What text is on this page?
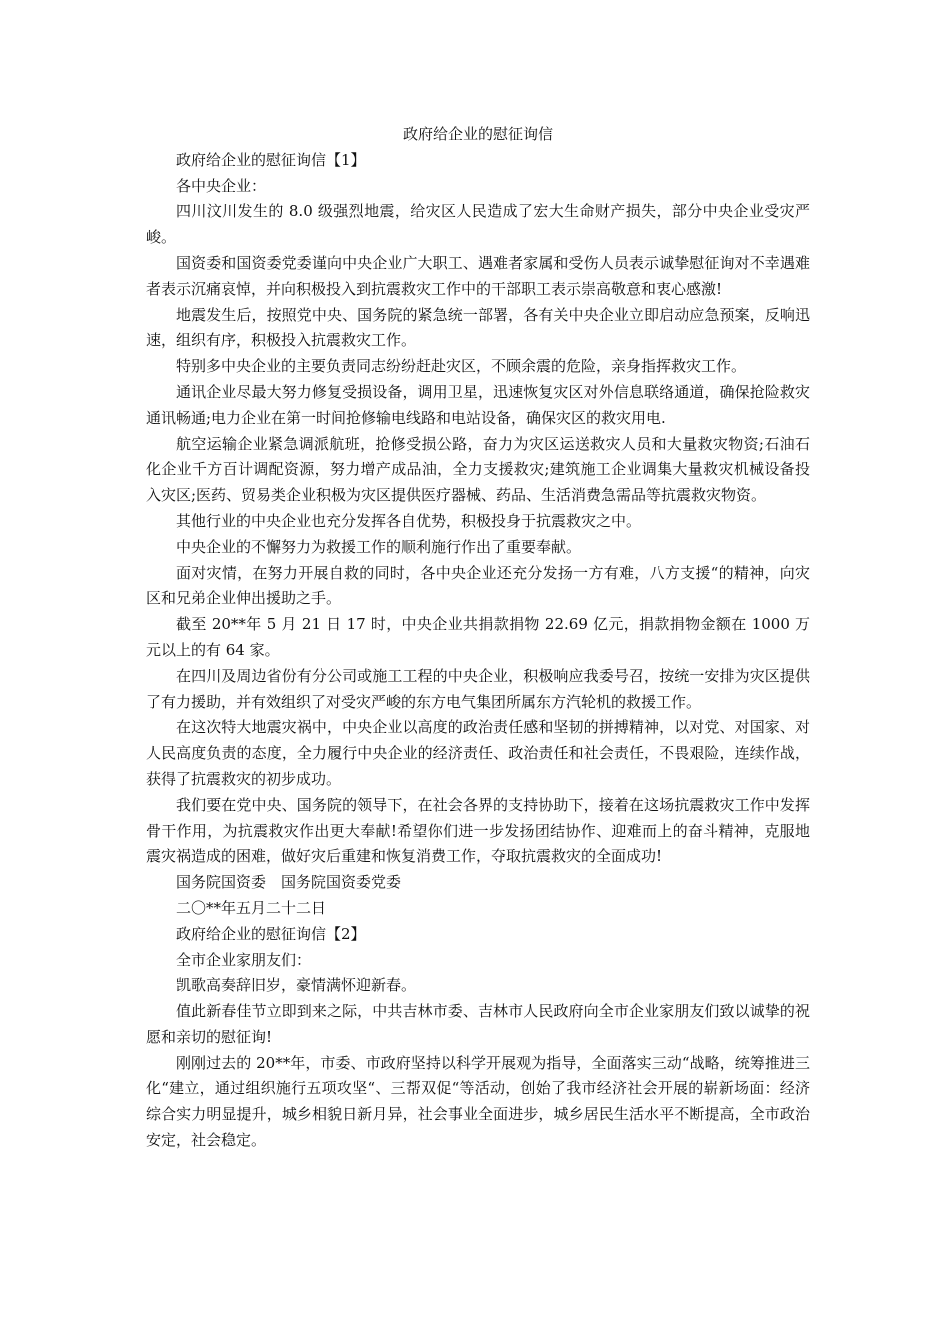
政府给企业的慰征询信

政府给企业的慰征询信【1】

各中央企业：

四川汶川发生的 8.0 级强烈地震，给灾区人民造成了宏大生命财产损失，部分中央企业受灾严峻。

国资委和国资委党委谨向中央企业广大职工、遇难者家属和受伤人员表示诚挚慰征询对不幸遇难者表示沉痛哀悼，并向积极投入到抗震救灾工作中的干部职工表示崇高敬意和衷心感激!

地震发生后，按照党中央、国务院的紧急统一部署，各有关中央企业立即启动应急预案，反响迅速，组织有序，积极投入抗震救灾工作。

特别多中央企业的主要负责同志纷纷赶赴灾区，不顾余震的危险，亲身指挥救灾工作。

通讯企业尽最大努力修复受损设备，调用卫星，迅速恢复灾区对外信息联络通道，确保抢险救灾通讯畅通;电力企业在第一时间抢修输电线路和电站设备，确保灾区的救灾用电.

航空运输企业紧急调派航班，抢修受损公路，奋力为灾区运送救灾人员和大量救灾物资;石油石化企业千方百计调配资源，努力增产成品油，全力支援救灾;建筑施工企业调集大量救灾机械设备投入灾区;医药、贸易类企业积极为灾区提供医疗器械、药品、生活消费急需品等抗震救灾物资。

其他行业的中央企业也充分发挥各自优势，积极投身于抗震救灾之中。

中央企业的不懈努力为救援工作的顺利施行作出了重要奉献。

面对灾情，在努力开展自救的同时，各中央企业还充分发扬一方有难，八方支援“的精神，向灾区和兄弟企业伸出援助之手。

截至 20**年 5 月 21 日 17 时，中央企业共捐款捐物 22.69 亿元，捐款捐物金额在 1000 万元以上的有 64 家。

在四川及周边省份有分公司或施工工程的中央企业，积极响应我委号召，按统一安排为灾区提供了有力援助，并有效组织了对受灾严峻的东方电气集团所属东方汽轮机的救援工作。

在这次特大地震灾祸中，中央企业以高度的政治责任感和坚韧的拼搏精神，以对党、对国家、对人民高度负责的态度，全力履行中央企业的经济责任、政治责任和社会责任，不畏艰险，连续作战，获得了抗震救灾的初步成功。

我们要在党中央、国务院的领导下，在社会各界的支持协助下，接着在这场抗震救灾工作中发挥骨干作用，为抗震救灾作出更大奉献!希望你们进一步发扬团结协作、迎难而上的奋斗精神，克服地震灾祸造成的困难，做好灾后重建和恢复消费工作，夺取抗震救灾的全面成功!

国务院国资委　国务院国资委党委

二〇**年五月二十二日

政府给企业的慰征询信【2】

全市企业家朋友们：

凯歌高奏辞旧岁，豪情满怀迎新春。

值此新春佳节立即到来之际，中共吉林市委、吉林市人民政府向全市企业家朋友们致以诚挚的祝愿和亲切的慰征询!

刚刚过去的 20**年，市委、市政府坚持以科学开展观为指导，全面落实三动“战略，统筹推进三化“建立，通过组织施行五项攻坚“、三帮双促“等活动，创始了我市经济社会开展的崭新场面：经济综合实力明显提升，城乡相貌日新月异，社会事业全面进步，城乡居民生活水平不断提高，全市政治安定，社会稳定。
